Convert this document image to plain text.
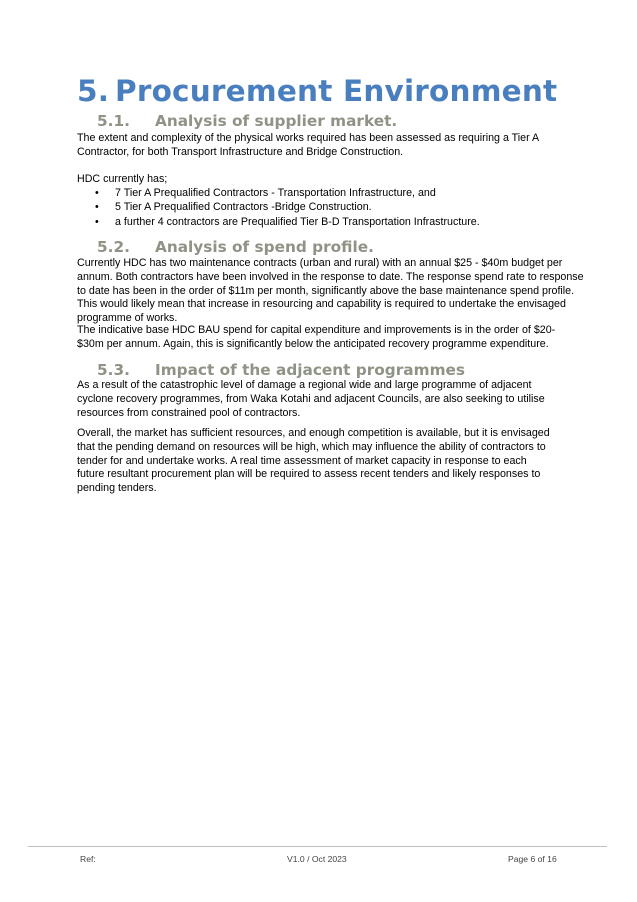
5. Procurement Environment
5.1. Analysis of supplier market.
The extent and complexity of the physical works required has been assessed as requiring a Tier A
Contractor, for both Transport Infrastructure and Bridge Construction.
HDC currently has;
• 7 Tier A Prequalified Contractors - Transportation Infrastructure, and
• 5 Tier A Prequalified Contractors -Bridge Construction.
• a further 4 contractors are Prequalified Tier B-D Transportation Infrastructure.
5.2. Analysis of spend profile.
Currently HDC has two maintenance contracts (urban and rural) with an annual $25 - $40m budget per
annum. Both contractors have been involved in the response to date. The response spend rate to response
to date has been in the order of $11m per month, significantly above the base maintenance spend profile.
This would likely mean that increase in resourcing and capability is required to undertake the envisaged
programme of works.
The indicative base HDC BAU spend for capital expenditure and improvements is in the order of $20-
$30m per annum. Again, this is significantly below the anticipated recovery programme expenditure.
5.3. Impact of the adjacent programmes
As a result of the catastrophic level of damage a regional wide and large programme of adjacent
cyclone recovery programmes, from Waka Kotahi and adjacent Councils, are also seeking to utilise
resources from constrained pool of contractors.
Overall, the market has sufficient resources, and enough competition is available, but it is envisaged
that the pending demand on resources will be high, which may influence the ability of contractors to
tender for and undertake works. A real time assessment of market capacity in response to each
future resultant procurement plan will be required to assess recent tenders and likely responses to
pending tenders.
Ref:	V1.0 / Oct 2023	Page 6 of 16
